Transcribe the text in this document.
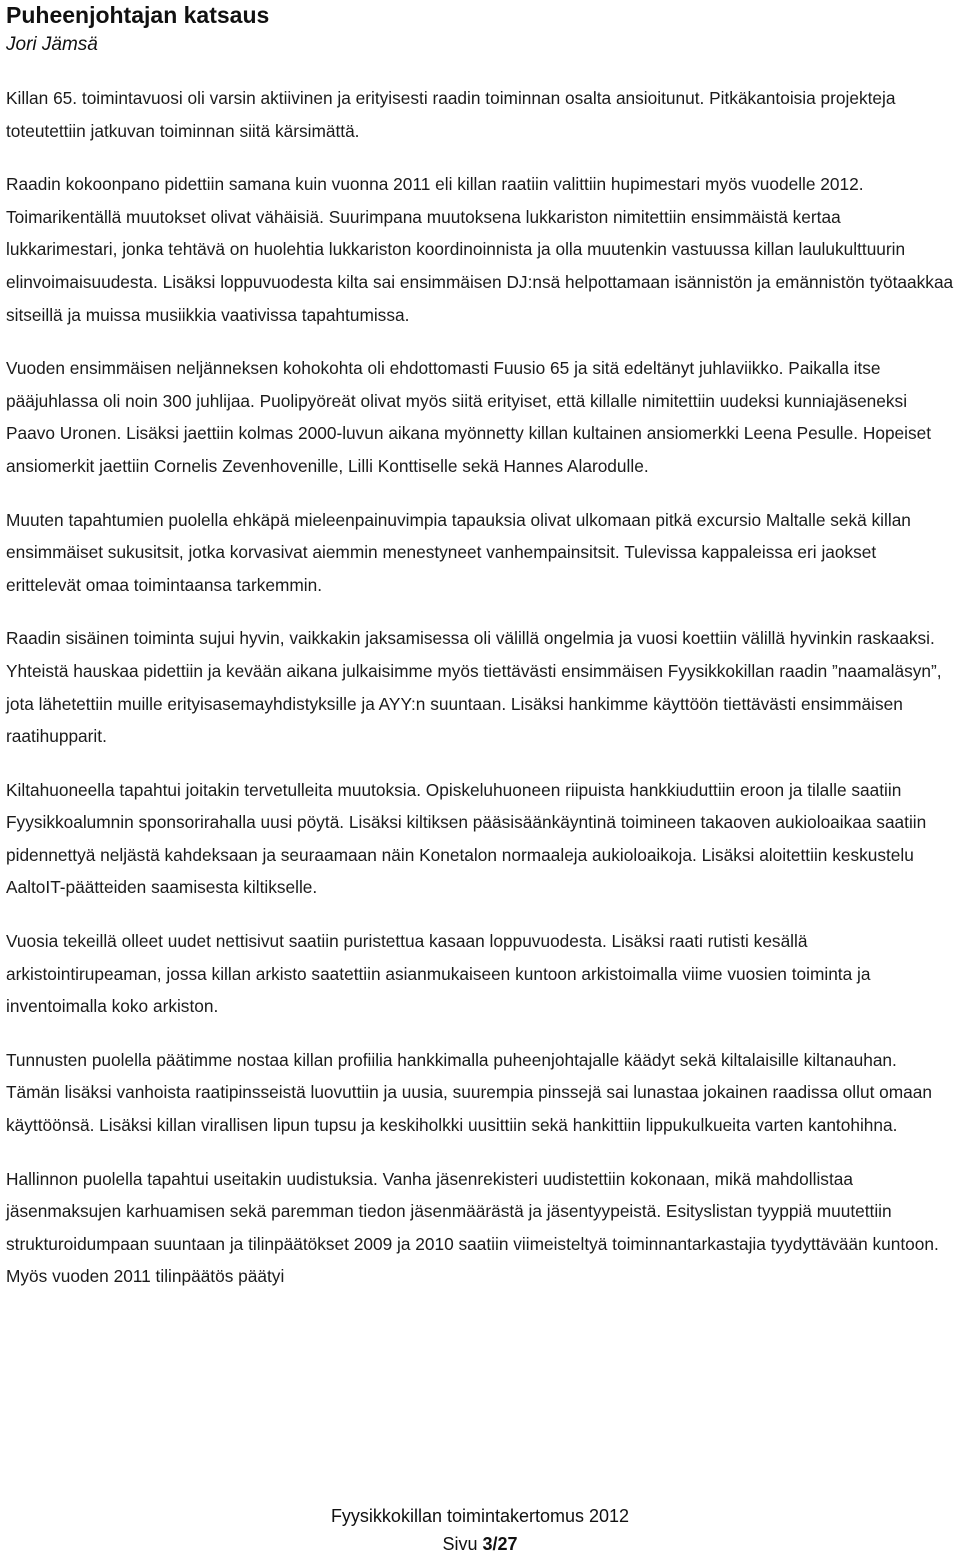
Puheenjohtajan katsaus
Jori Jämsä

Killan 65. toimintavuosi oli varsin aktiivinen ja erityisesti raadin toiminnan osalta ansioitunut. Pitkäkantoisia projekteja toteutettiin jatkuvan toiminnan siitä kärsimättä.

Raadin kokoonpano pidettiin samana kuin vuonna 2011 eli killan raatiin valittiin hupimestari myös vuodelle 2012. Toimarikentällä muutokset olivat vähäisiä. Suurimpana muutoksena lukkariston nimitettiin ensimmäistä kertaa lukkarimestari, jonka tehtävä on huolehtia lukkariston koordinoinnista ja olla muutenkin vastuussa killan laulukulttuurin elinvoimaisuudesta. Lisäksi loppuvuodesta kilta sai ensimmäisen DJ:nsä helpottamaan isännistön ja emännistön työtaakkaa sitseillä ja muissa musiikkia vaativissa tapahtumissa.

Vuoden ensimmäisen neljänneksen kohokohta oli ehdottomasti Fuusio 65 ja sitä edeltänyt juhlaviikko. Paikalla itse pääjuhlassa oli noin 300 juhlijaa. Puolipyöreät olivat myös siitä erityiset, että killalle nimitettiin uudeksi kunniajäseneksi Paavo Uronen. Lisäksi jaettiin kolmas 2000-luvun aikana myönnetty killan kultainen ansiomerkki Leena Pesulle. Hopeiset ansiomerkit jaettiin Cornelis Zevenhovenille, Lilli Konttiselle sekä Hannes Alarodulle.

Muuten tapahtumien puolella ehkäpä mieleenpainuvimpia tapauksia olivat ulkomaan pitkä excursio Maltalle sekä killan ensimmäiset sukusitsit, jotka korvasivat aiemmin menestyneet vanhempainsitsit. Tulevissa kappaleissa eri jaokset erittelevät omaa toimintaansa tarkemmin.

Raadin sisäinen toiminta sujui hyvin, vaikkakin jaksamisessa oli välillä ongelmia ja vuosi koettiin välillä hyvinkin raskaaksi. Yhteistä hauskaa pidettiin ja kevään aikana julkaisimme myös tiettävästi ensimmäisen Fyysikkokillan raadin ”naamaläsyn”, jota lähetettiin muille erityisasemayhdistyksille ja AYY:n suuntaan. Lisäksi hankimme käyttöön tiettävästi ensimmäisen raatihupparit.

Kiltahuoneella tapahtui joitakin tervetulleita muutoksia. Opiskeluhuoneen riipuista hankkiuduttiin eroon ja tilalle saatiin Fyysikkoalumnin sponsorirahalla uusi pöytä. Lisäksi kiltiksen pääsisäänkäyntinä toimineen takaoven aukioloaikaa saatiin pidennettyä neljästä kahdeksaan ja seuraamaan näin Konetalon normaaleja aukioloaikoja. Lisäksi aloitettiin keskustelu AaltoIT-päätteiden saamisesta kiltikselle.

Vuosia tekeillä olleet uudet nettisivut saatiin puristettua kasaan loppuvuodesta. Lisäksi raati rutisti kesällä arkistointirupeaman, jossa killan arkisto saatettiin asianmukaiseen kuntoon arkistoimalla viime vuosien toiminta ja inventoimalla koko arkiston.

Tunnusten puolella päätimme nostaa killan profiilia hankkimalla puheenjohtajalle käädyt sekä kiltalaisille kiltanauhan. Tämän lisäksi vanhoista raatipinsseistä luovuttiin ja uusia, suurempia pinssejä sai lunastaa jokainen raadissa ollut omaan käyttöönsä. Lisäksi killan virallisen lipun tupsu ja keskiholkki uusittiin sekä hankittiin lippukulkueita varten kantohihna.

Hallinnon puolella tapahtui useitakin uudistuksia. Vanha jäsenrekisteri uudistettiin kokonaan, mikä mahdollistaa jäsenmaksujen karhuamisen sekä paremman tiedon jäsenmäärästä ja jäsentyypeistä. Esityslistan tyyppiä muutettiin strukturoidumpaan suuntaan ja tilinpäätökset 2009 ja 2010 saatiin viimeisteltyä toiminnantarkastajia tyydyttävään kuntoon. Myös vuoden 2011 tilinpäätös päätyi

Fyysikkokillan toimintakertomus 2012
Sivu 3/27
